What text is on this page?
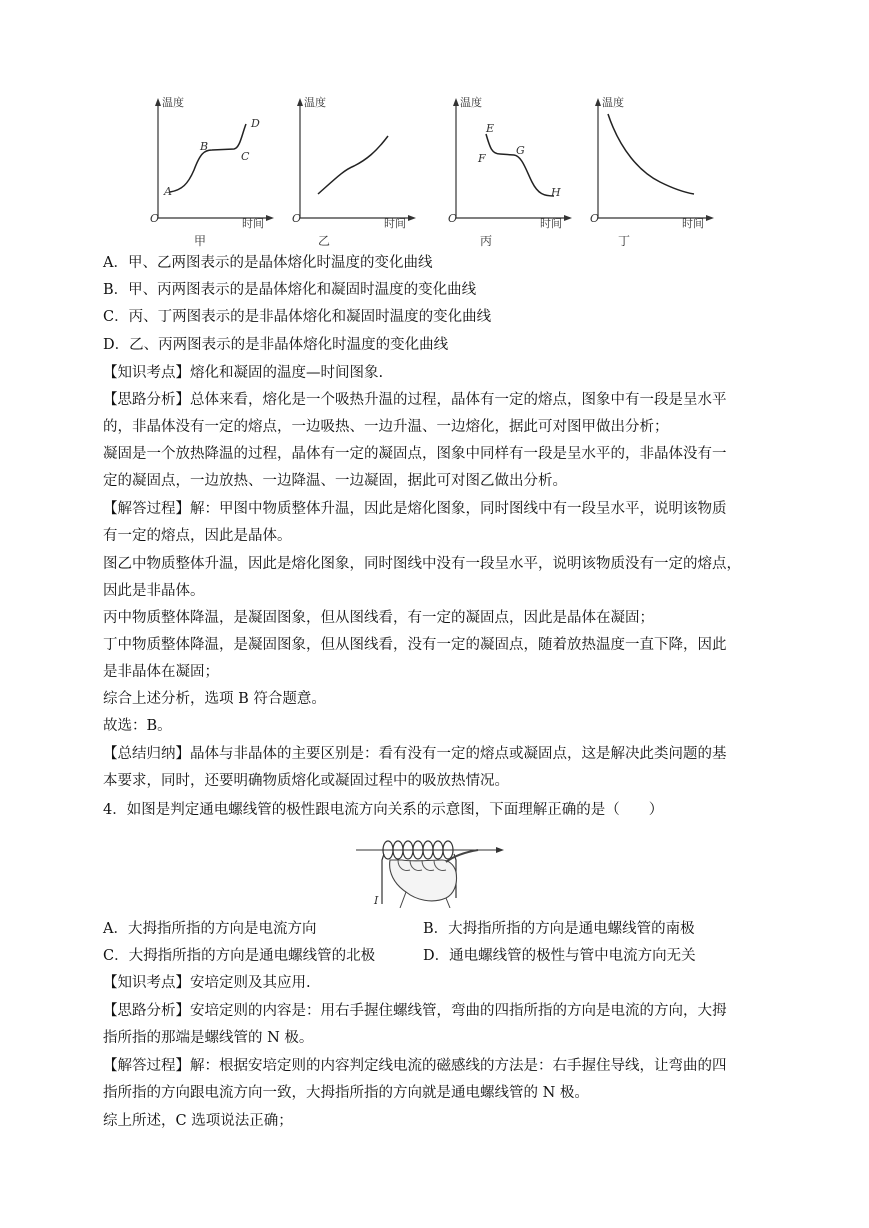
温度
O	时间
A
B
C
D
甲
温度
O	时间
乙
温度
O	时间
E
F
G
H
丙
温度
O	时间
丁
A．甲、乙两图表示的是晶体熔化时温度的变化曲线
B．甲、丙两图表示的是晶体熔化和凝固时温度的变化曲线
C．丙、丁两图表示的是非晶体熔化和凝固时温度的变化曲线
D．乙、丙两图表示的是非晶体熔化时温度的变化曲线
【知识考点】熔化和凝固的温度—时间图象.
【思路分析】总体来看，熔化是一个吸热升温的过程，晶体有一定的熔点，图象中有一段是呈水平
的，非晶体没有一定的熔点，一边吸热、一边升温、一边熔化，据此可对图甲做出分析；
凝固是一个放热降温的过程，晶体有一定的凝固点，图象中同样有一段是呈水平的，非晶体没有一
定的凝固点，一边放热、一边降温、一边凝固，据此可对图乙做出分析。
【解答过程】解：甲图中物质整体升温，因此是熔化图象，同时图线中有一段呈水平，说明该物质
有一定的熔点，因此是晶体。
图乙中物质整体升温，因此是熔化图象，同时图线中没有一段呈水平，说明该物质没有一定的熔点，
因此是非晶体。
丙中物质整体降温，是凝固图象，但从图线看，有一定的凝固点，因此是晶体在凝固；
丁中物质整体降温，是凝固图象，但从图线看，没有一定的凝固点，随着放热温度一直下降，因此
是非晶体在凝固；
综合上述分析，选项 B 符合题意。
故选：B。
【总结归纳】晶体与非晶体的主要区别是：看有没有一定的熔点或凝固点，这是解决此类问题的基
本要求，同时，还要明确物质熔化或凝固过程中的吸放热情况。
4．如图是判定通电螺线管的极性跟电流方向关系的示意图，下面理解正确的是（　　）
I
A．大拇指所指的方向是电流方向	B．大拇指所指的方向是通电螺线管的南极
C．大拇指所指的方向是通电螺线管的北极	D．通电螺线管的极性与管中电流方向无关
【知识考点】安培定则及其应用.
【思路分析】安培定则的内容是：用右手握住螺线管，弯曲的四指所指的方向是电流的方向，大拇
指所指的那端是螺线管的 N 极。
【解答过程】解：根据安培定则的内容判定线电流的磁感线的方法是：右手握住导线，让弯曲的四
指所指的方向跟电流方向一致，大拇指所指的方向就是通电螺线管的 N 极。
综上所述，C 选项说法正确；
